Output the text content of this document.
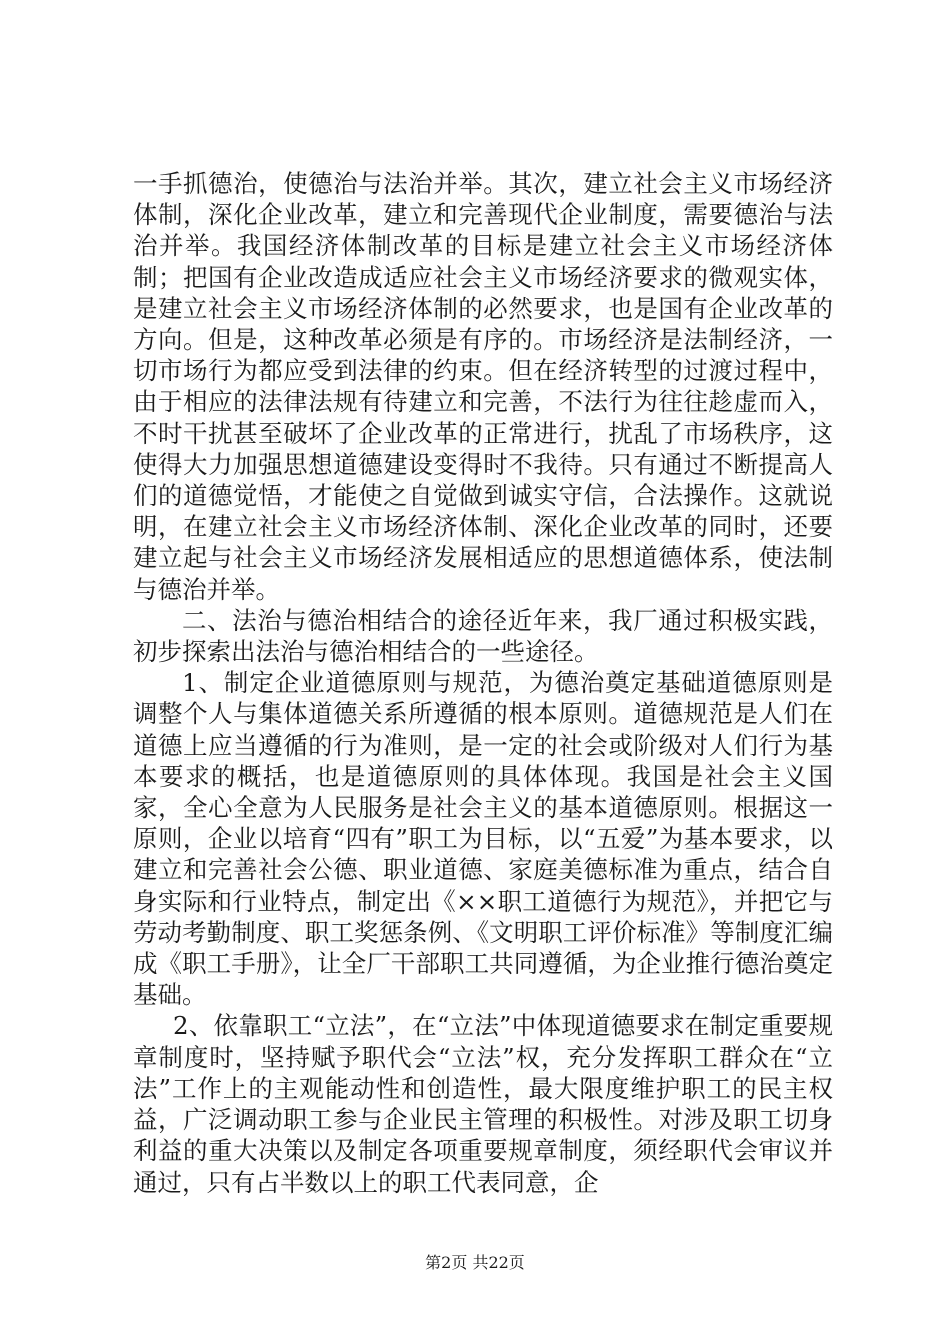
一手抓德治，使德治与法治并举。其次，建立社会主义市场经济体制，深化企业改革，建立和完善现代企业制度，需要德治与法治并举。我国经济体制改革的目标是建立社会主义市场经济体制；把国有企业改造成适应社会主义市场经济要求的微观实体，是建立社会主义市场经济体制的必然要求，也是国有企业改革的方向。但是，这种改革必须是有序的。市场经济是法制经济，一切市场行为都应受到法律的约束。但在经济转型的过渡过程中，由于相应的法律法规有待建立和完善，不法行为往往趁虚而入，不时干扰甚至破坏了企业改革的正常进行，扰乱了市场秩序，这使得大力加强思想道德建设变得时不我待。只有通过不断提高人们的道德觉悟，才能使之自觉做到诚实守信，合法操作。这就说明，在建立社会主义市场经济体制、深化企业改革的同时，还要建立起与社会主义市场经济发展相适应的思想道德体系，使法制与德治并举。

二、法治与德治相结合的途径近年来，我厂通过积极实践，初步探索出法治与德治相结合的一些途径。

1、制定企业道德原则与规范，为德治奠定基础道德原则是调整个人与集体道德关系所遵循的根本原则。道德规范是人们在道德上应当遵循的行为准则，是一定的社会或阶级对人们行为基本要求的概括，也是道德原则的具体体现。我国是社会主义国家，全心全意为人民服务是社会主义的基本道德原则。根据这一原则，企业以培育“四有”职工为目标，以“五爱”为基本要求，以建立和完善社会公德、职业道德、家庭美德标准为重点，结合自身实际和行业特点，制定出《××职工道德行为规范》，并把它与劳动考勤制度、职工奖惩条例、《文明职工评价标准》等制度汇编成《职工手册》，让全厂干部职工共同遵循，为企业推行德治奠定基础。

2、依靠职工“立法”，在“立法”中体现道德要求在制定重要规章制度时，坚持赋予职代会“立法”权，充分发挥职工群众在“立法”工作上的主观能动性和创造性，最大限度维护职工的民主权益，广泛调动职工参与企业民主管理的积极性。对涉及职工切身利益的重大决策以及制定各项重要规章制度，须经职代会审议并通过，只有占半数以上的职工代表同意，企

第2页 共22页
